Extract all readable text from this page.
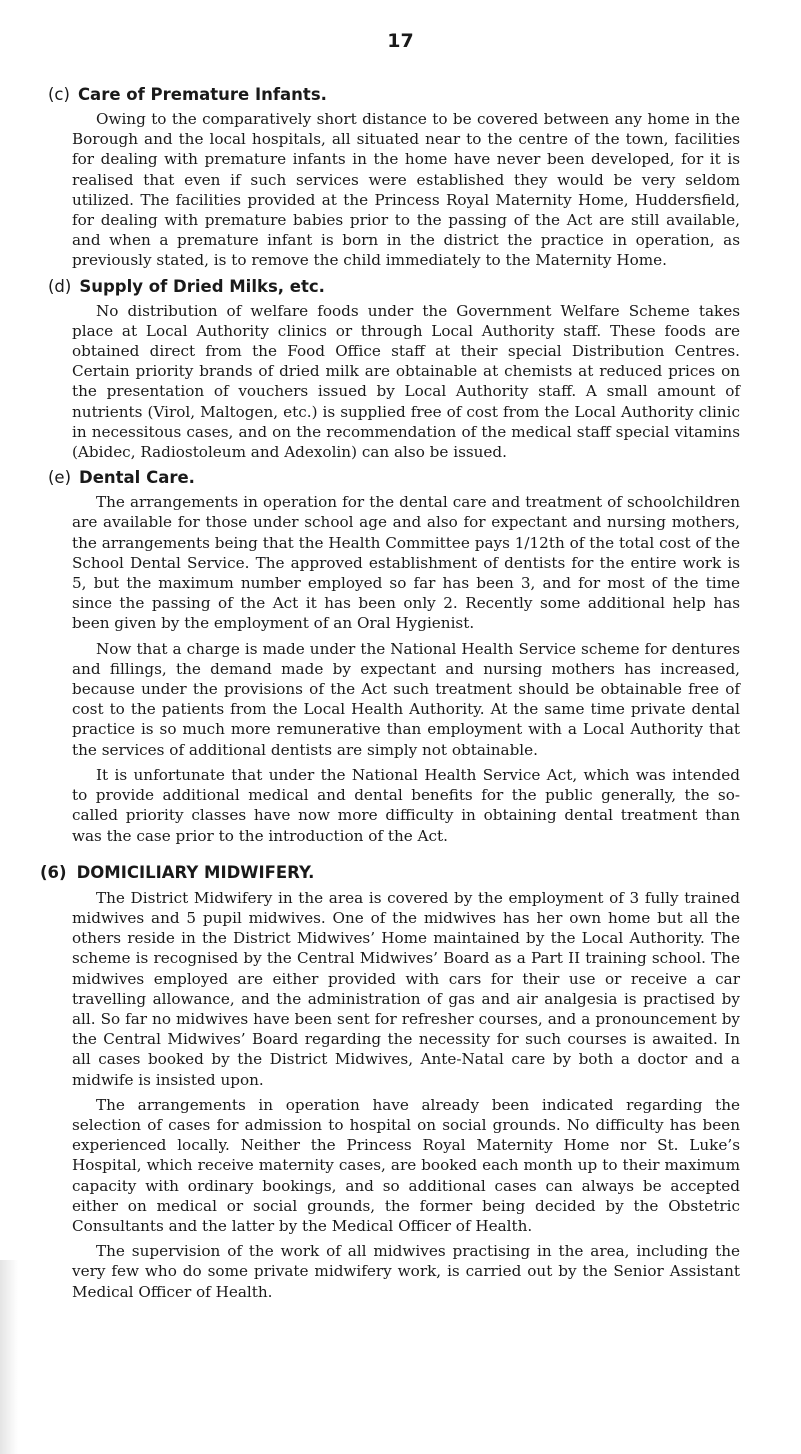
17
(c) Care of Premature Infants.

Owing to the comparatively short distance to be covered between any home in the Borough and the local hospitals, all situated near to the centre of the town, facilities for dealing with premature infants in the home have never been developed, for it is realised that even if such services were established they would be very seldom utilized. The facilities provided at the Princess Royal Maternity Home, Huddersfield, for dealing with premature babies prior to the passing of the Act are still available, and when a premature infant is born in the district the practice in operation, as previously stated, is to remove the child immediately to the Maternity Home.

(d) Supply of Dried Milks, etc.

No distribution of welfare foods under the Government Welfare Scheme takes place at Local Authority clinics or through Local Authority staff. These foods are obtained direct from the Food Office staff at their special Distribution Centres. Certain priority brands of dried milk are obtainable at chemists at reduced prices on the presentation of vouchers issued by Local Authority staff. A small amount of nutrients (Virol, Maltogen, etc.) is supplied free of cost from the Local Authority clinic in necessitous cases, and on the recommendation of the medical staff special vitamins (Abidec, Radiostoleum and Adexolin) can also be issued.

(e) Dental Care.

The arrangements in operation for the dental care and treatment of schoolchildren are available for those under school age and also for expectant and nursing mothers, the arrangements being that the Health Committee pays 1/12th of the total cost of the School Dental Service. The approved establishment of dentists for the entire work is 5, but the maximum number employed so far has been 3, and for most of the time since the passing of the Act it has been only 2. Recently some additional help has been given by the employment of an Oral Hygienist.

Now that a charge is made under the National Health Service scheme for dentures and fillings, the demand made by expectant and nursing mothers has increased, because under the provisions of the Act such treatment should be obtainable free of cost to the patients from the Local Health Authority. At the same time private dental practice is so much more remunerative than employment with a Local Authority that the services of additional dentists are simply not obtainable.

It is unfortunate that under the National Health Service Act, which was intended to provide additional medical and dental benefits for the public generally, the so-called priority classes have now more difficulty in obtaining dental treatment than was the case prior to the introduction of the Act.

(6) DOMICILIARY MIDWIFERY.

The District Midwifery in the area is covered by the employment of 3 fully trained midwives and 5 pupil midwives. One of the midwives has her own home but all the others reside in the District Midwives’ Home maintained by the Local Authority. The scheme is recognised by the Central Midwives’ Board as a Part II training school. The midwives employed are either provided with cars for their use or receive a car travelling allowance, and the administration of gas and air analgesia is practised by all. So far no midwives have been sent for refresher courses, and a pronouncement by the Central Midwives’ Board regarding the necessity for such courses is awaited. In all cases booked by the District Midwives, Ante-Natal care by both a doctor and a midwife is insisted upon.

The arrangements in operation have already been indicated regarding the selection of cases for admission to hospital on social grounds. No difficulty has been experienced locally. Neither the Princess Royal Maternity Home nor St. Luke’s Hospital, which receive maternity cases, are booked each month up to their maximum capacity with ordinary bookings, and so additional cases can always be accepted either on medical or social grounds, the former being decided by the Obstetric Consultants and the latter by the Medical Officer of Health.

The supervision of the work of all midwives practising in the area, including the very few who do some private midwifery work, is carried out by the Senior Assistant Medical Officer of Health.
